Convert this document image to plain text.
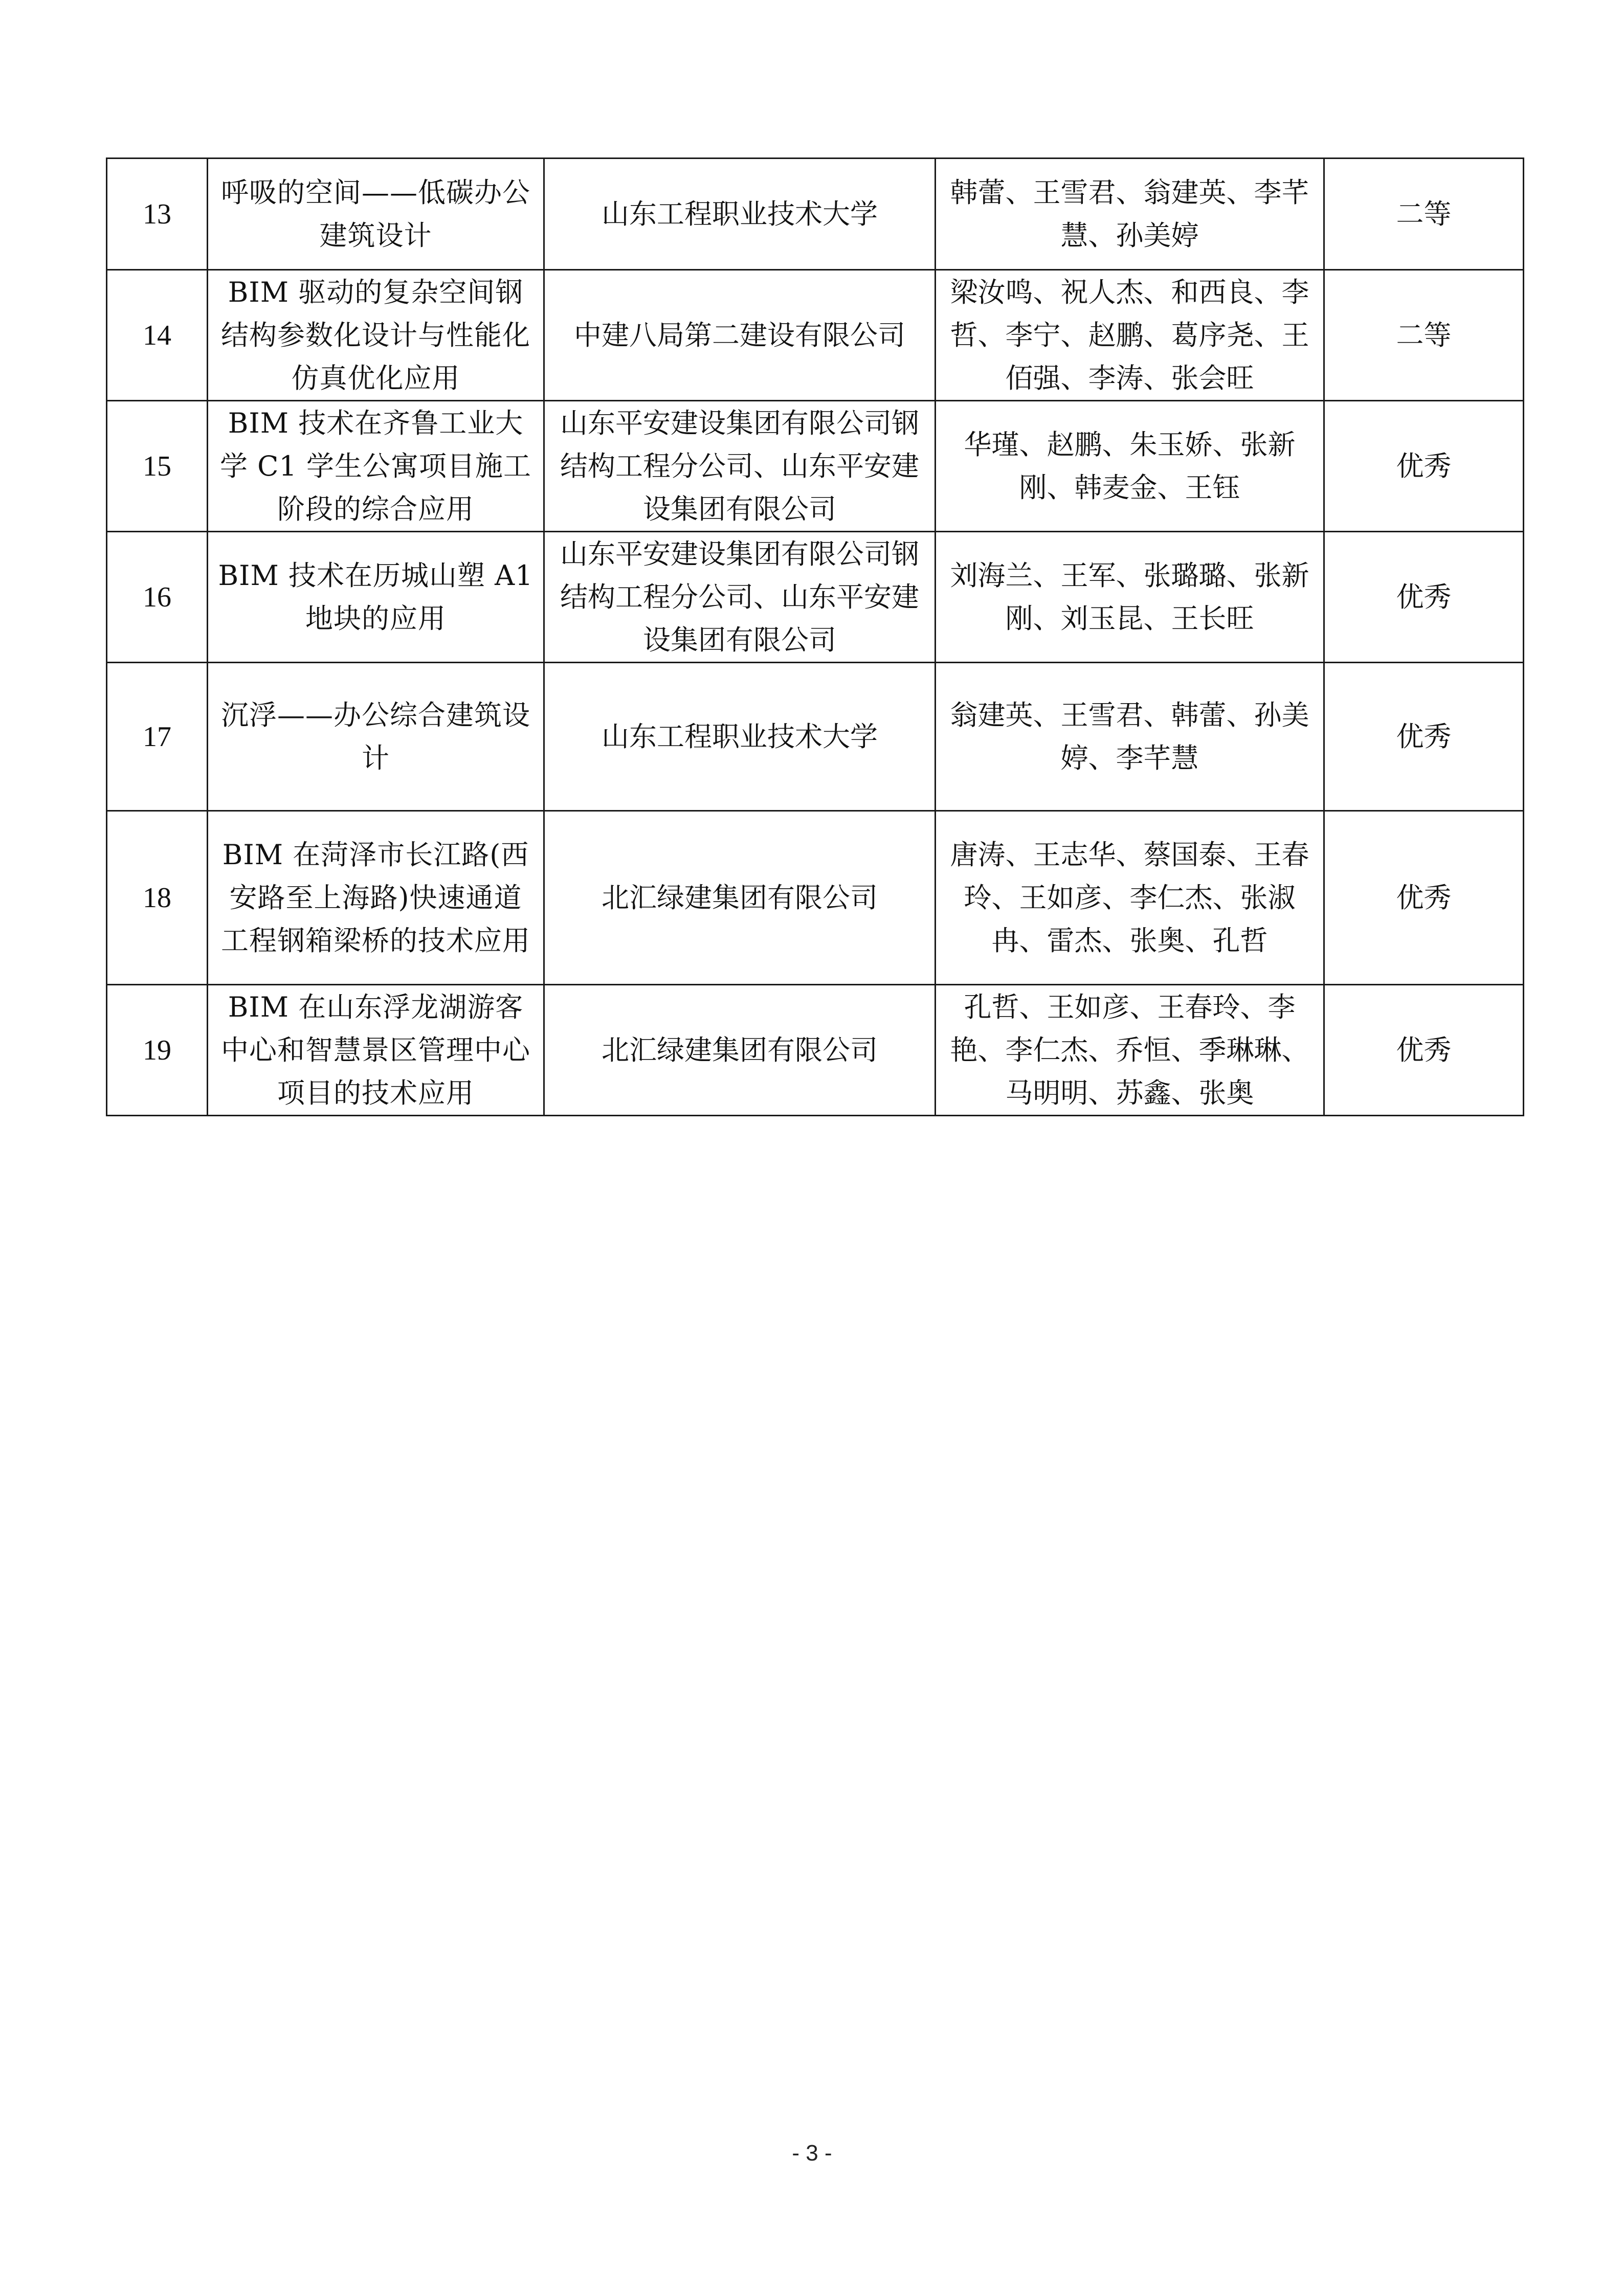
13	呼吸的空间——低碳办公建筑设计	山东工程职业技术大学	韩蕾、王雪君、翁建英、李芊慧、孙美婷	二等
14	BIM 驱动的复杂空间钢结构参数化设计与性能化仿真优化应用	中建八局第二建设有限公司	梁汝鸣、祝人杰、和西良、李哲、李宁、赵鹏、葛序尧、王佰强、李涛、张会旺	二等
15	BIM 技术在齐鲁工业大学 C1 学生公寓项目施工阶段的综合应用	山东平安建设集团有限公司钢结构工程分公司、山东平安建设集团有限公司	华瑾、赵鹏、朱玉娇、张新刚、韩麦金、王钰	优秀
16	BIM 技术在历城山塑 A1 地块的应用	山东平安建设集团有限公司钢结构工程分公司、山东平安建设集团有限公司	刘海兰、王军、张璐璐、张新刚、刘玉昆、王长旺	优秀
17	沉浮——办公综合建筑设计	山东工程职业技术大学	翁建英、王雪君、韩蕾、孙美婷、李芊慧	优秀
18	BIM 在菏泽市长江路(西安路至上海路)快速通道工程钢箱梁桥的技术应用	北汇绿建集团有限公司	唐涛、王志华、蔡国泰、王春玲、王如彦、李仁杰、张淑冉、雷杰、张奥、孔哲	优秀
19	BIM 在山东浮龙湖游客中心和智慧景区管理中心项目的技术应用	北汇绿建集团有限公司	孔哲、王如彦、王春玲、李艳、李仁杰、乔恒、季琳琳、马明明、苏鑫、张奥	优秀
- 3 -
